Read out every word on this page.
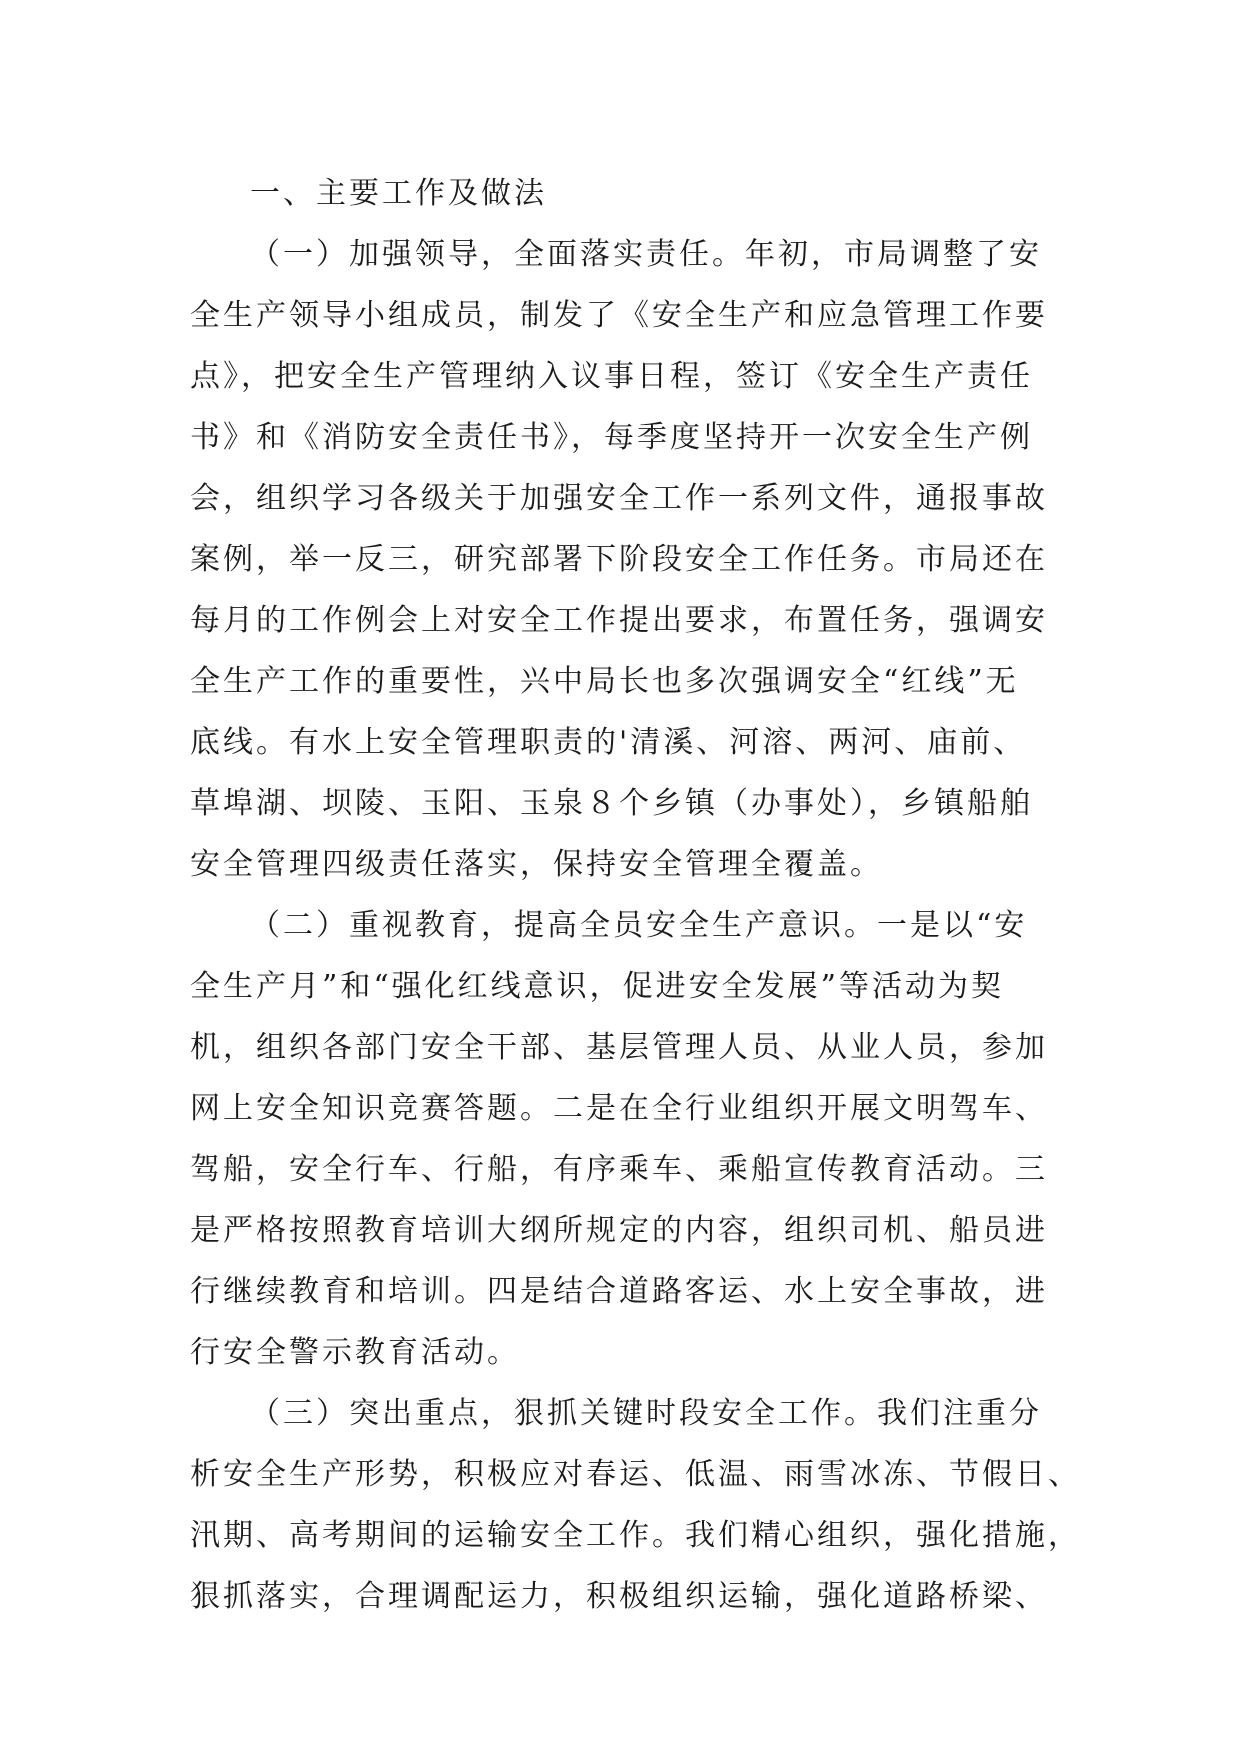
一、主要工作及做法
（一）加强领导，全面落实责任。年初，市局调整了安
全生产领导小组成员，制发了《安全生产和应急管理工作要
点》，把安全生产管理纳入议事日程，签订《安全生产责任
书》和《消防安全责任书》，每季度坚持开一次安全生产例
会，组织学习各级关于加强安全工作一系列文件，通报事故
案例，举一反三，研究部署下阶段安全工作任务。市局还在
每月的工作例会上对安全工作提出要求，布置任务，强调安
全生产工作的重要性，兴中局长也多次强调安全“红线”无
底线。有水上安全管理职责的'清溪、河溶、两河、庙前、
草埠湖、坝陵、玉阳、玉泉８个乡镇（办事处），乡镇船舶
安全管理四级责任落实，保持安全管理全覆盖。
（二）重视教育，提高全员安全生产意识。一是以“安
全生产月”和“强化红线意识，促进安全发展”等活动为契
机，组织各部门安全干部、基层管理人员、从业人员，参加
网上安全知识竞赛答题。二是在全行业组织开展文明驾车、
驾船，安全行车、行船，有序乘车、乘船宣传教育活动。三
是严格按照教育培训大纲所规定的内容，组织司机、船员进
行继续教育和培训。四是结合道路客运、水上安全事故，进
行安全警示教育活动。
（三）突出重点，狠抓关键时段安全工作。我们注重分
析安全生产形势，积极应对春运、低温、雨雪冰冻、节假日、
汛期、高考期间的运输安全工作。我们精心组织，强化措施，
狠抓落实，合理调配运力，积极组织运输，强化道路桥梁、
